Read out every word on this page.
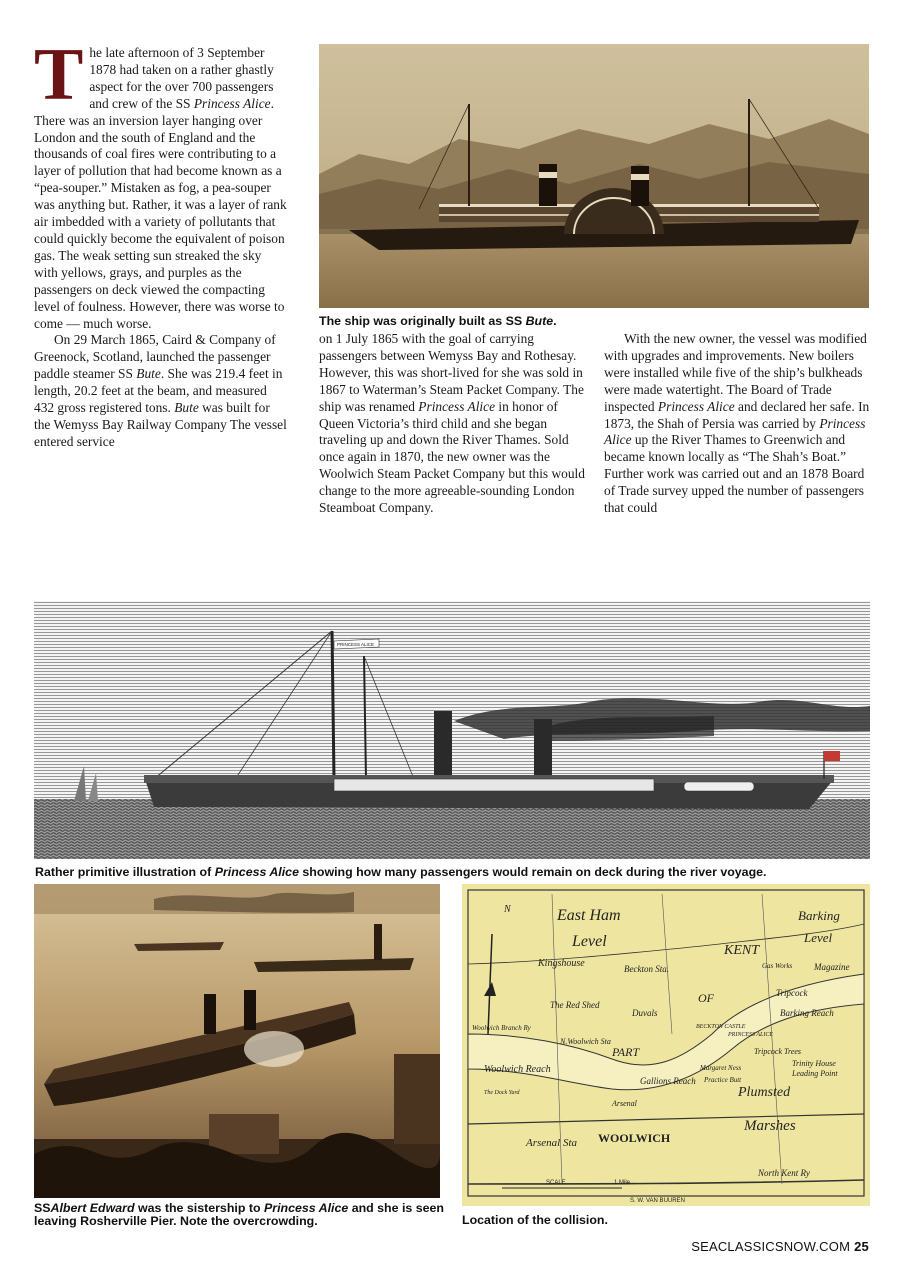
The late afternoon of 3 September 1878 had taken on a rather ghastly aspect for the over 700 passengers and crew of the SS Princess Alice. There was an inversion layer hanging over London and the south of England and the thousands of coal fires were contributing to a layer of pollution that had become known as a “pea-souper.” Mistaken as fog, a pea-souper was anything but. Rather, it was a layer of rank air imbedded with a variety of pollutants that could quickly become the equivalent of poison gas. The weak setting sun streaked the sky with yellows, grays, and purples as the passengers on deck viewed the compacting level of foulness. However, there was worse to come — much worse.

On 29 March 1865, Caird & Company of Greenock, Scotland, launched the passenger paddle steamer SS Bute. She was 219.4 feet in length, 20.2 feet at the beam, and measured 432 gross registered tons. Bute was built for the Wemyss Bay Railway Company The vessel entered service

The ship was originally built as SS Bute.

on 1 July 1865 with the goal of carrying passengers between Wemyss Bay and Rothesay. However, this was short-lived for she was sold in 1867 to Waterman’s Steam Packet Company. The ship was renamed Princess Alice in honor of Queen Victoria’s third child and she began traveling up and down the River Thames. Sold once again in 1870, the new owner was the Woolwich Steam Packet Company but this would change to the more agreeable-sounding London Steamboat Company.

With the new owner, the vessel was modified with upgrades and improvements. New boilers were installed while five of the ship’s bulkheads were made watertight. The Board of Trade inspected Princess Alice and declared her safe. In 1873, the Shah of Persia was carried by Princess Alice up the River Thames to Greenwich and became known locally as “The Shah’s Boat.” Further work was carried out and an 1878 Board of Trade survey upped the number of passengers that could

PRINCESS ALICE
Rather primitive illustration of Princess Alice showing how many passengers would remain on deck during the river voyage.
SSAlbert Edward was the sistership to Princess Alice and she is seen leaving Rosherville Pier. Note the overcrowding.
East Ham
Level
Barking
Level
N
Kingshouse	Beckton Sta.
KENT
Gas Works Magazine
The Red Shed
Duvals
PART
OF
BECKTON CASTLE
PRINCESS ALICE
Tripcock
Barking Reach
Woolwich Branch Ry
N.Woolwich Sta
Gallions Reach
Margaret Ness
Tripcock Trees
Trinity House
Leading Point
Woolwich Reach
Practice Butt
Plumsted
Arsenal
Marshes
Arsenal Sta WOOLWICH
North Kent Ry
The Dock Yard
SCALE	1 Mile
S. W. VAN BUUREN
Location of the collision.
SEACLASSICSNOW.COM 25
